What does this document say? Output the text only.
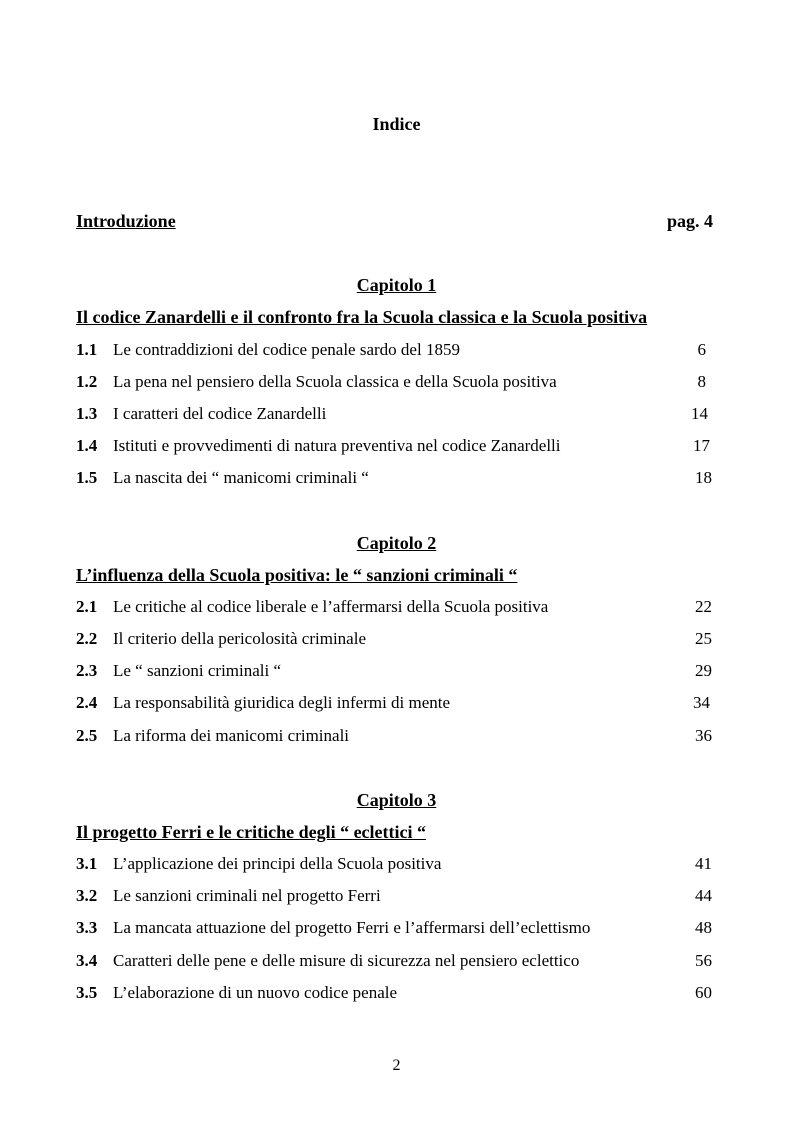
Indice
Introduzione	pag. 4
Capitolo 1
Il codice Zanardelli e il confronto fra la Scuola classica e la Scuola positiva
1.1 Le contraddizioni del codice penale sardo del 1859	6
1.2 La pena nel pensiero della Scuola classica e della Scuola positiva	8
1.3 I caratteri del codice Zanardelli	14
1.4 Istituti e provvedimenti di natura preventiva nel codice Zanardelli	17
1.5 La nascita dei “ manicomi criminali “	18
Capitolo 2
L’influenza della Scuola positiva: le “ sanzioni criminali “
2.1 Le critiche al codice liberale e l’affermarsi della Scuola positiva	22
2.2 Il criterio della pericolosità criminale	25
2.3 Le “ sanzioni criminali “	29
2.4 La responsabilità giuridica degli infermi di mente	34
2.5 La riforma dei manicomi criminali	36
Capitolo 3
Il progetto Ferri e le critiche degli “ eclettici “
3.1 L’applicazione dei principi della Scuola positiva	41
3.2 Le sanzioni criminali nel progetto Ferri	44
3.3 La mancata attuazione del progetto Ferri e l’affermarsi dell’eclettismo	48
3.4 Caratteri delle pene e delle misure di sicurezza nel pensiero eclettico	56
3.5 L’elaborazione di un nuovo codice penale	60
2
